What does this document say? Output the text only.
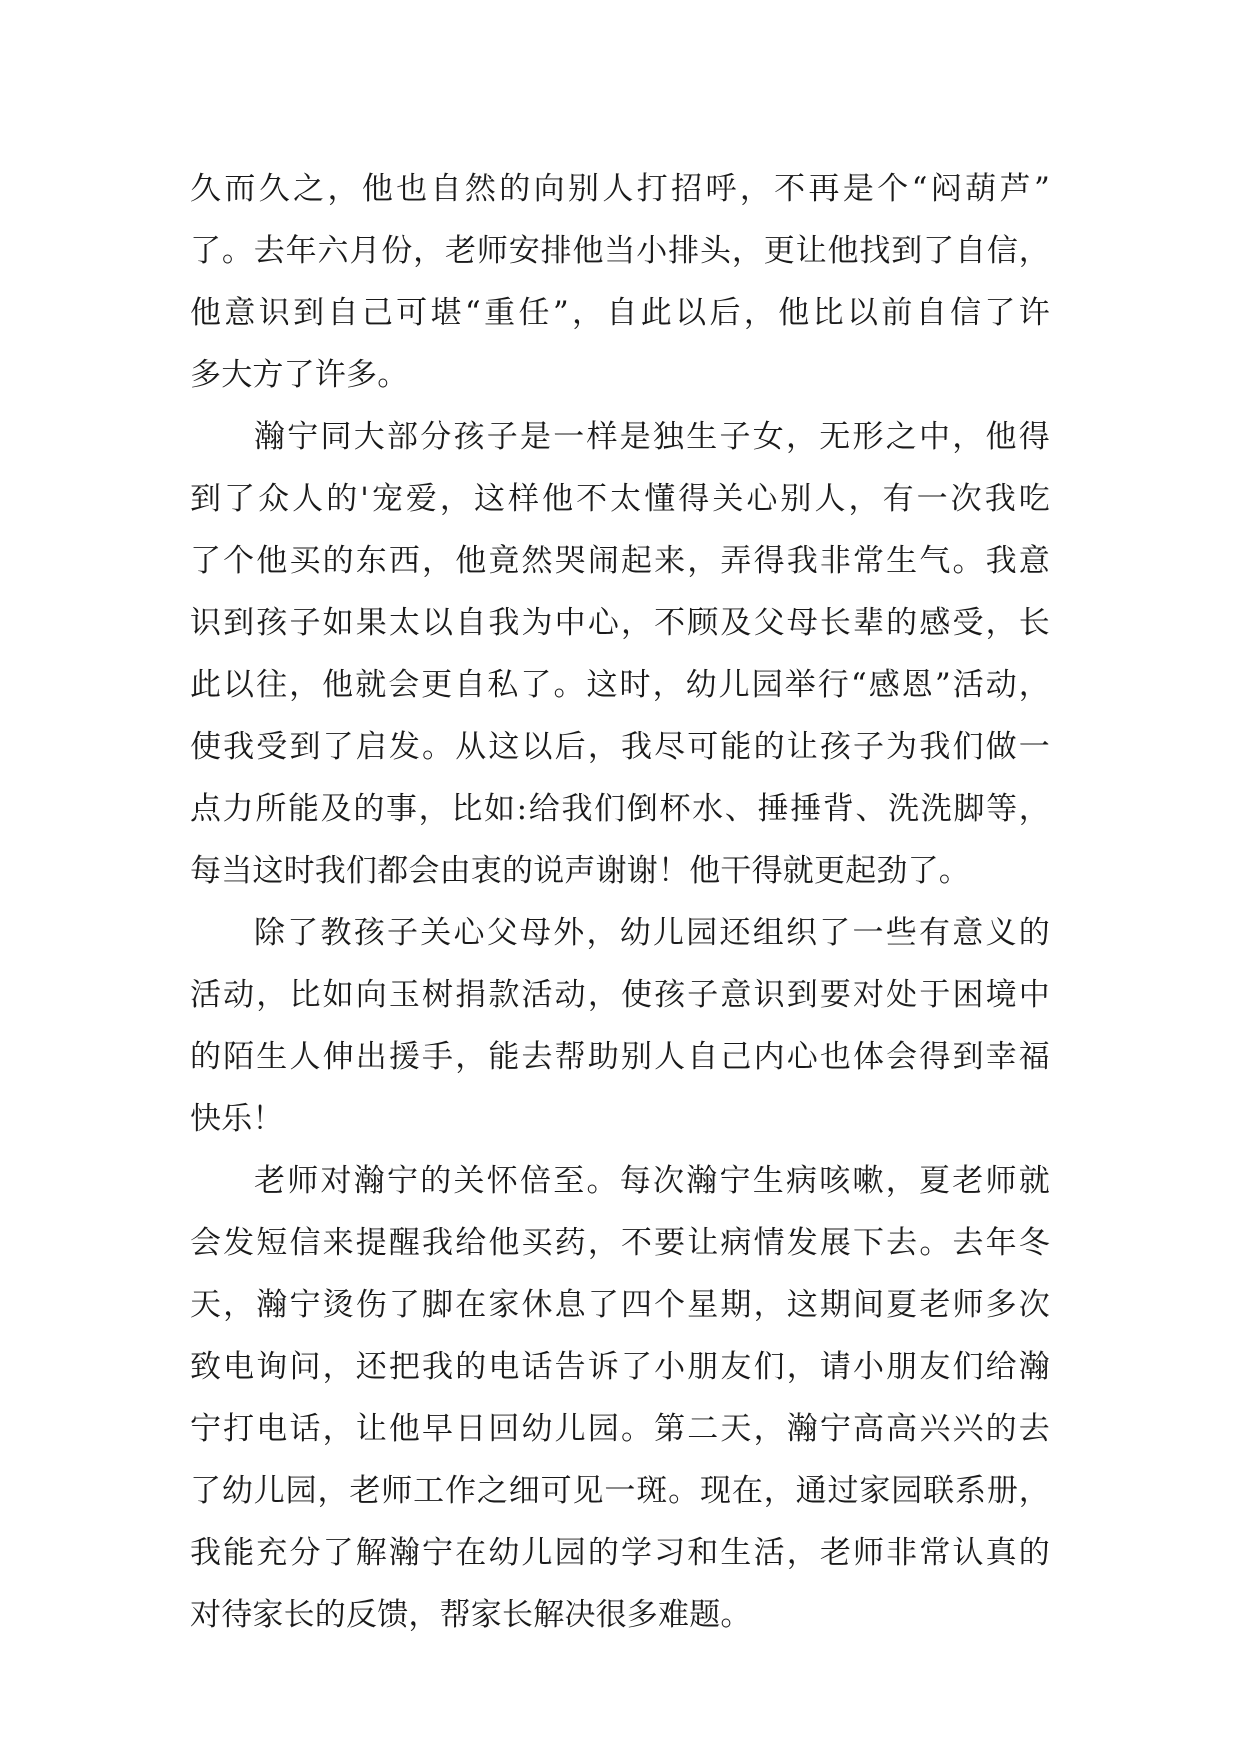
久而久之，他也自然的向别人打招呼，不再是个“闷葫芦”
了。去年六月份，老师安排他当小排头，更让他找到了自信，
他意识到自己可堪“重任”，自此以后，他比以前自信了许
多大方了许多。
瀚宁同大部分孩子是一样是独生子女，无形之中，他得
到了众人的'宠爱，这样他不太懂得关心别人，有一次我吃
了个他买的东西，他竟然哭闹起来，弄得我非常生气。我意
识到孩子如果太以自我为中心，不顾及父母长辈的感受，长
此以往，他就会更自私了。这时，幼儿园举行“感恩”活动，
使我受到了启发。从这以后，我尽可能的让孩子为我们做一
点力所能及的事，比如:给我们倒杯水、捶捶背、洗洗脚等，
每当这时我们都会由衷的说声谢谢！他干得就更起劲了。
除了教孩子关心父母外，幼儿园还组织了一些有意义的
活动，比如向玉树捐款活动，使孩子意识到要对处于困境中
的陌生人伸出援手，能去帮助别人自己内心也体会得到幸福
快乐！
老师对瀚宁的关怀倍至。每次瀚宁生病咳嗽，夏老师就
会发短信来提醒我给他买药，不要让病情发展下去。去年冬
天，瀚宁烫伤了脚在家休息了四个星期，这期间夏老师多次
致电询问，还把我的电话告诉了小朋友们，请小朋友们给瀚
宁打电话，让他早日回幼儿园。第二天，瀚宁高高兴兴的去
了幼儿园，老师工作之细可见一斑。现在，通过家园联系册，
我能充分了解瀚宁在幼儿园的学习和生活，老师非常认真的
对待家长的反馈，帮家长解决很多难题。
